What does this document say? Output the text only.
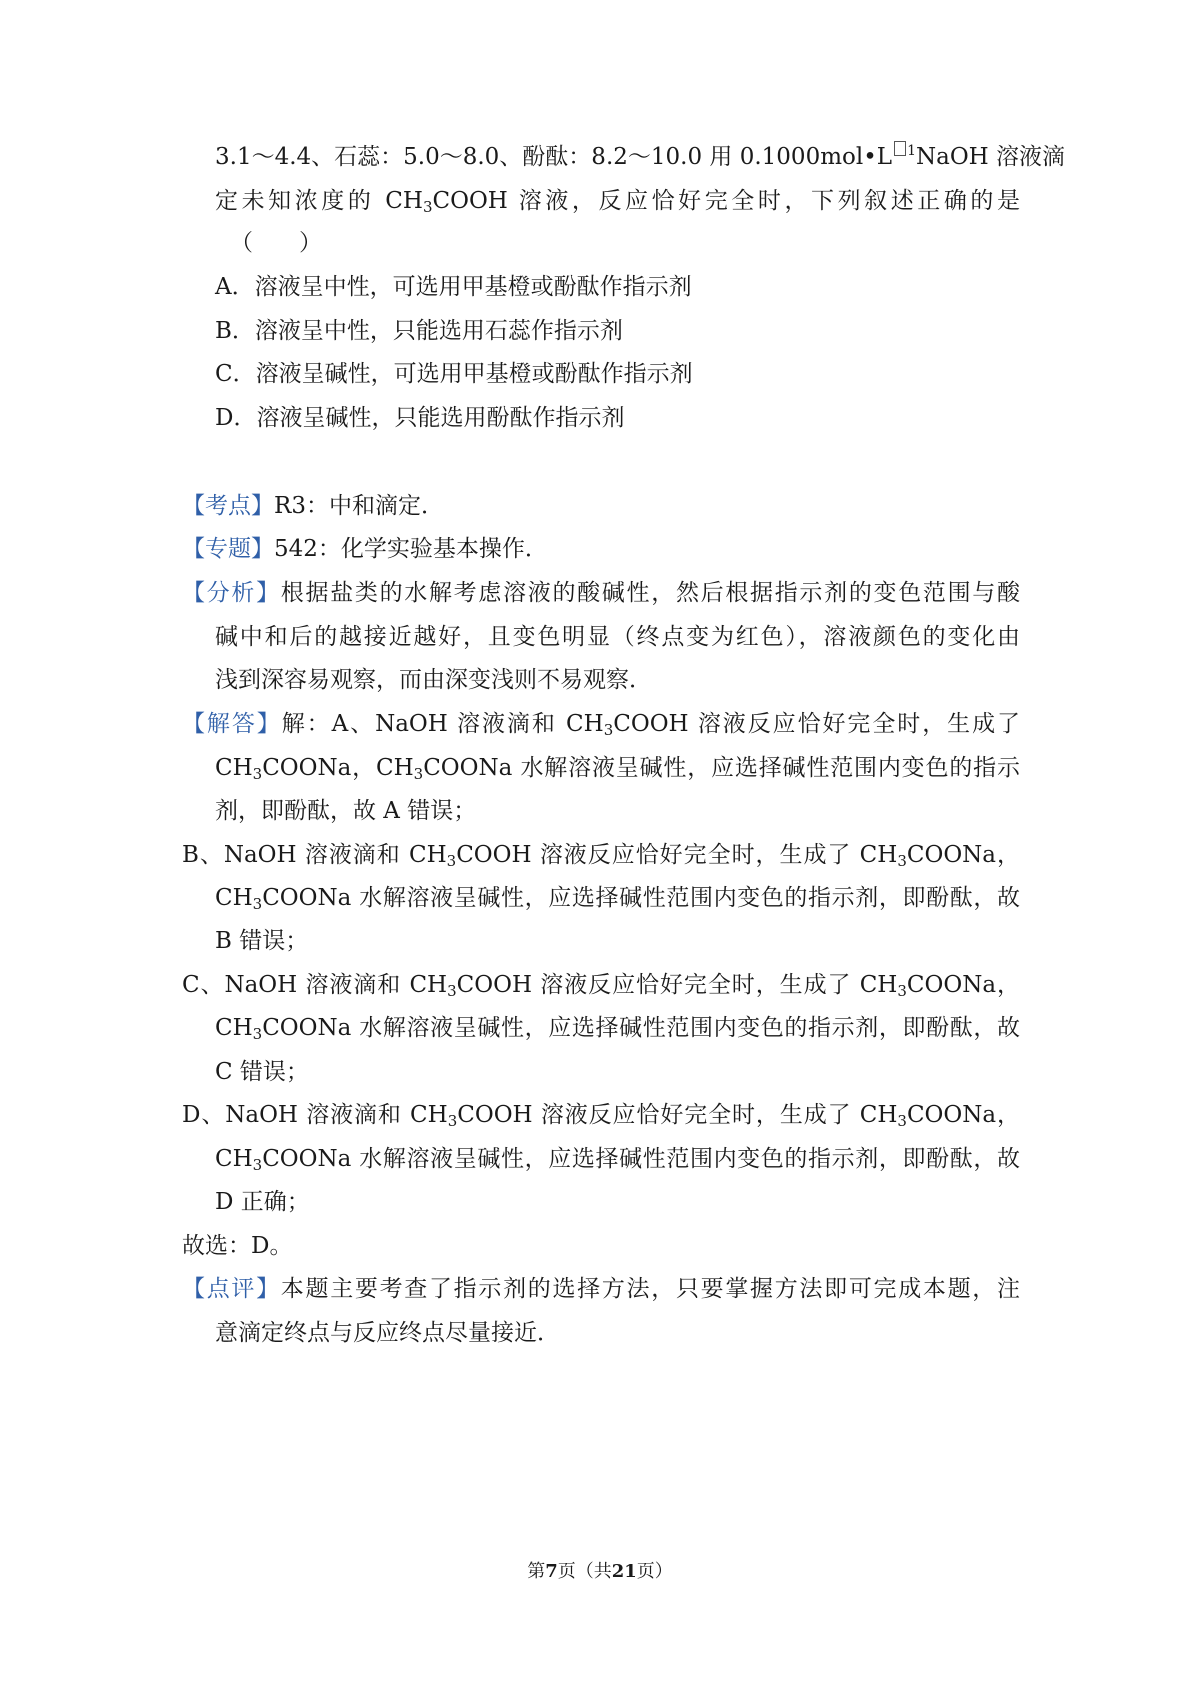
3.1～4.4、石蕊：5.0～8.0、酚酞：8.2～10.0 用 0.1000mol•L $^1$NaOH 溶液滴
定未知浓度的 $CH_3COOH$ 溶液，反应恰好完全时，下列叙述正确的是
（　　）
A．溶液呈中性，可选用甲基橙或酚酞作指示剂
B．溶液呈中性，只能选用石蕊作指示剂
C．溶液呈碱性，可选用甲基橙或酚酞作指示剂
D．溶液呈碱性，只能选用酚酞作指示剂
【考点】R3：中和滴定．
【专题】542：化学实验基本操作．
【分析】根据盐类的水解考虑溶液的酸碱性，然后根据指示剂的变色范围与酸
碱中和后的越接近越好，且变色明显（终点变为红色），溶液颜色的变化由
浅到深容易观察，而由深变浅则不易观察．
【解答】解：A、NaOH 溶液滴和 $CH_3COOH$ 溶液反应恰好完全时，生成了
$CH_3COONa$，$CH_3COONa$ 水解溶液呈碱性，应选择碱性范围内变色的指示
剂，即酚酞，故 A 错误；
B、NaOH 溶液滴和 $CH_3COOH$ 溶液反应恰好完全时，生成了 $CH_3COONa$，
$CH_3COONa$ 水解溶液呈碱性，应选择碱性范围内变色的指示剂，即酚酞，故
B 错误；
C、NaOH 溶液滴和 $CH_3COOH$ 溶液反应恰好完全时，生成了 $CH_3COONa$，
$CH_3COONa$ 水解溶液呈碱性，应选择碱性范围内变色的指示剂，即酚酞，故
C 错误；
D、NaOH 溶液滴和 $CH_3COOH$ 溶液反应恰好完全时，生成了 $CH_3COONa$，
$CH_3COONa$ 水解溶液呈碱性，应选择碱性范围内变色的指示剂，即酚酞，故
D 正确；
故选：D。
【点评】本题主要考查了指示剂的选择方法，只要掌握方法即可完成本题，注
意滴定终点与反应终点尽量接近．
第7页（共21页）
